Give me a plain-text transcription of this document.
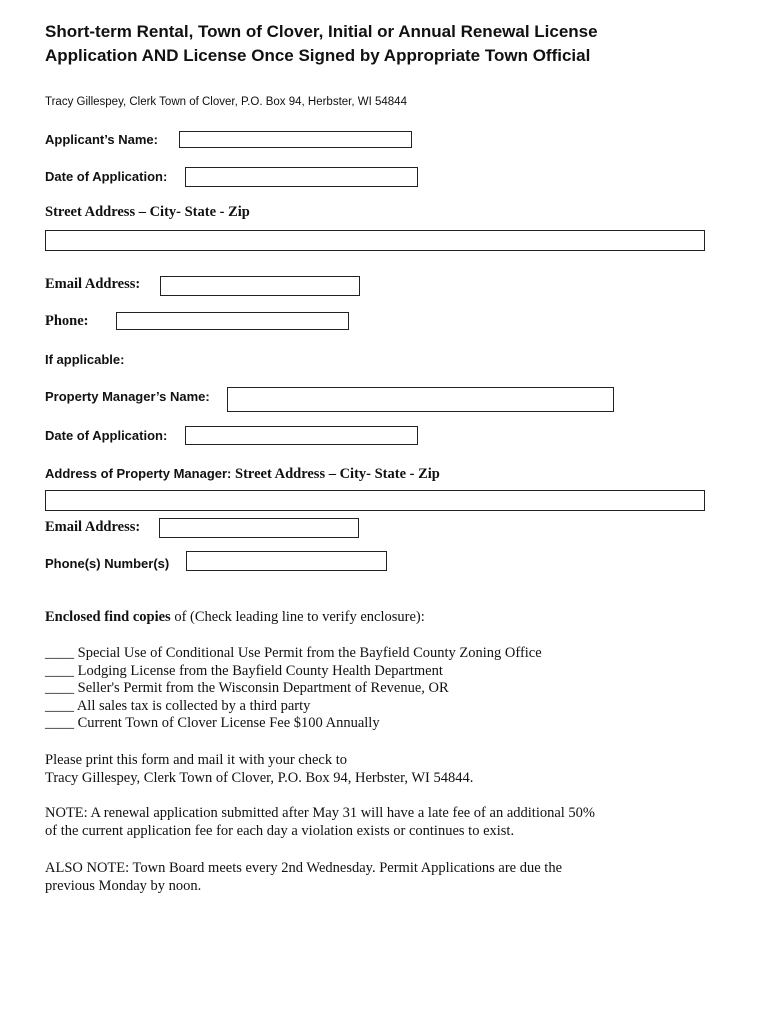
Short-term Rental, Town of Clover, Initial or Annual Renewal License
Application AND License Once Signed by Appropriate Town Official
Tracy Gillespey, Clerk Town of Clover, P.O. Box 94, Herbster, WI 54844
Applicant’s Name:
Date of Application:
Street Address – City- State - Zip
Email Address:
Phone:
If applicable:
Property Manager’s Name:
Date of Application:
Address of Property Manager: Street Address – City- State - Zip
Email Address:
Phone(s) Number(s)
Enclosed find copies of (Check leading line to verify enclosure):
____ Special Use of Conditional Use Permit from the Bayfield County Zoning Office
____ Lodging License from the Bayfield County Health Department
____ Seller's Permit from the Wisconsin Department of Revenue, OR
____ All sales tax is collected by a third party
____ Current Town of Clover License Fee $100 Annually
Please print this form and mail it with your check to
Tracy Gillespey, Clerk Town of Clover, P.O. Box 94, Herbster, WI 54844.
NOTE: A renewal application submitted after May 31 will have a late fee of an additional 50%
of the current application fee for each day a violation exists or continues to exist.
ALSO NOTE: Town Board meets every 2nd Wednesday. Permit Applications are due the
previous Monday by noon.
